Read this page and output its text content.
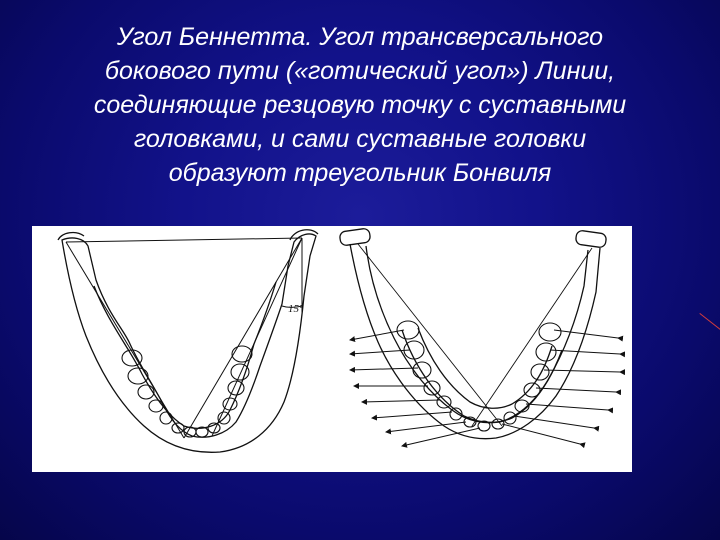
Угол Беннетта. Угол трансверсального
бокового пути («готический угол») Линии,
соединяющие резцовую точку с суставными
головками, и сами суставные головки
образуют треугольник Бонвиля
15°
